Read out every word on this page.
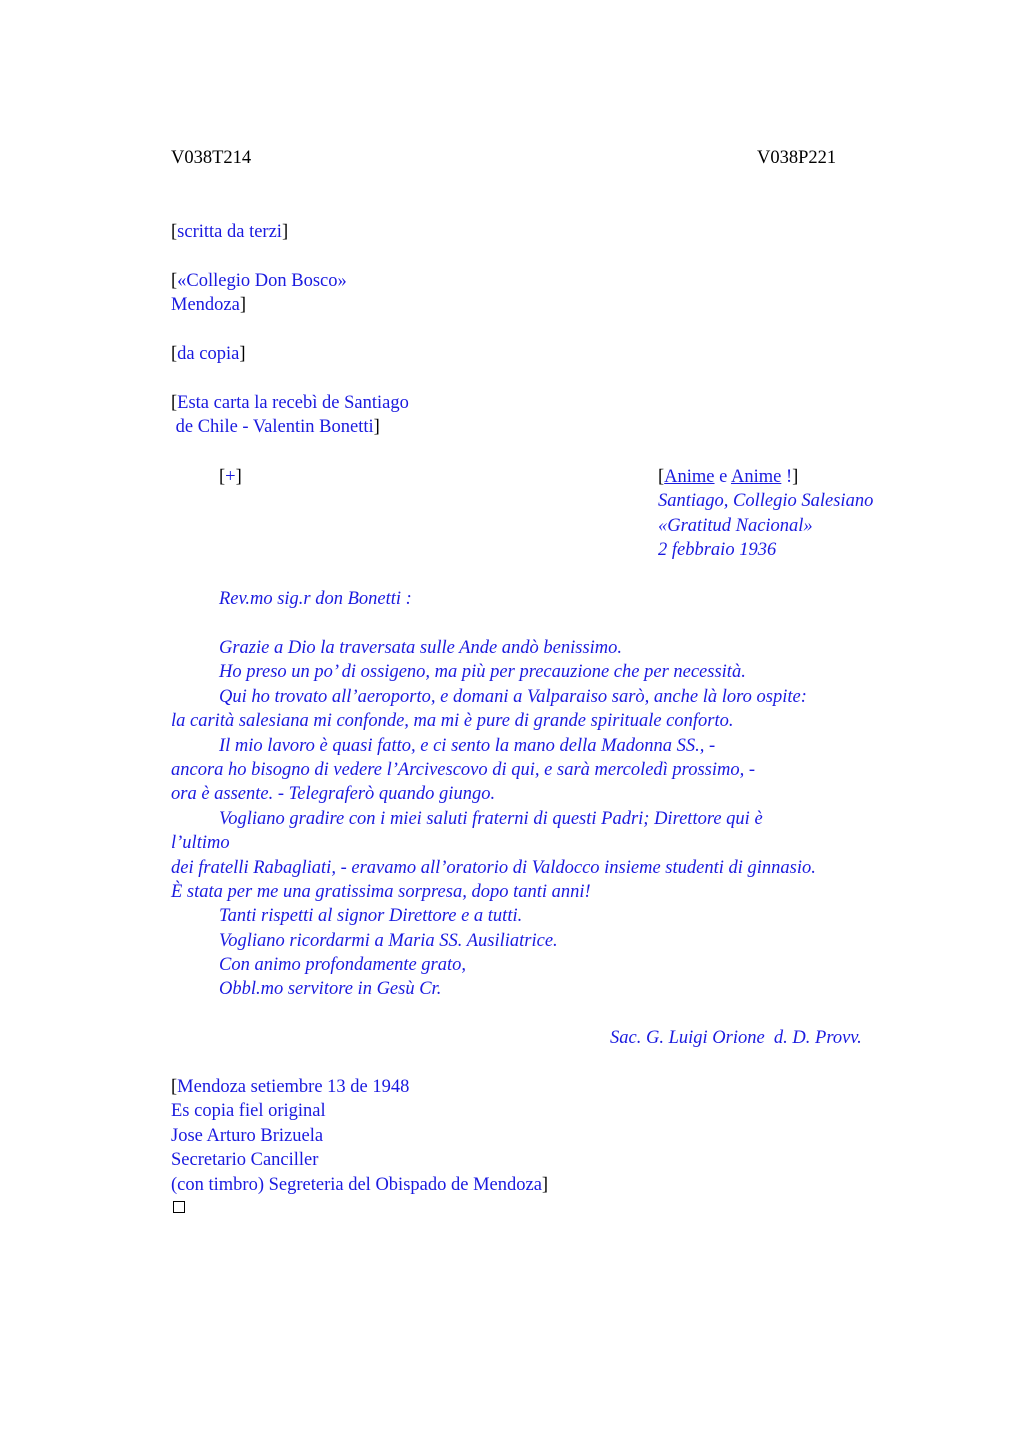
V038T214	V038P221
[scritta da terzi]
[«Collegio Don Bosco»
Mendoza]
[da copia]
[Esta carta la recebì de Santiago
de Chile - Valentin Bonetti]
[+]	[Anime e Anime !]
Santiago, Collegio Salesiano
«Gratitud Nacional»
2 febbraio 1936
Rev.mo sig.r don Bonetti :
Grazie a Dio la traversata sulle Ande andò benissimo.
Ho preso un po’ di ossigeno, ma più per precauzione che per necessità.
Qui ho trovato all’aeroporto, e domani a Valparaiso sarò, anche là loro ospite:
la carità salesiana mi confonde, ma mi è pure di grande spirituale conforto.
Il mio lavoro è quasi fatto, e ci sento la mano della Madonna SS., -
ancora ho bisogno di vedere l’Arcivescovo di qui, e sarà mercoledì prossimo, -
ora è assente. - Telegraferò quando giungo.
Vogliano gradire con i miei saluti fraterni di questi Padri; Direttore qui è
l’ultimo
dei fratelli Rabagliati, - eravamo all’oratorio di Valdocco insieme studenti di ginnasio.
È stata per me una gratissima sorpresa, dopo tanti anni!
Tanti rispetti al signor Direttore e a tutti.
Vogliano ricordarmi a Maria SS. Ausiliatrice.
Con animo profondamente grato,
Obbl.mo servitore in Gesù Cr.
Sac. G. Luigi Orione  d. D. Provv.
[Mendoza setiembre 13 de 1948
Es copia fiel original
Jose Arturo Brizuela
Secretario Canciller
(con timbro) Segreteria del Obispado de Mendoza]
